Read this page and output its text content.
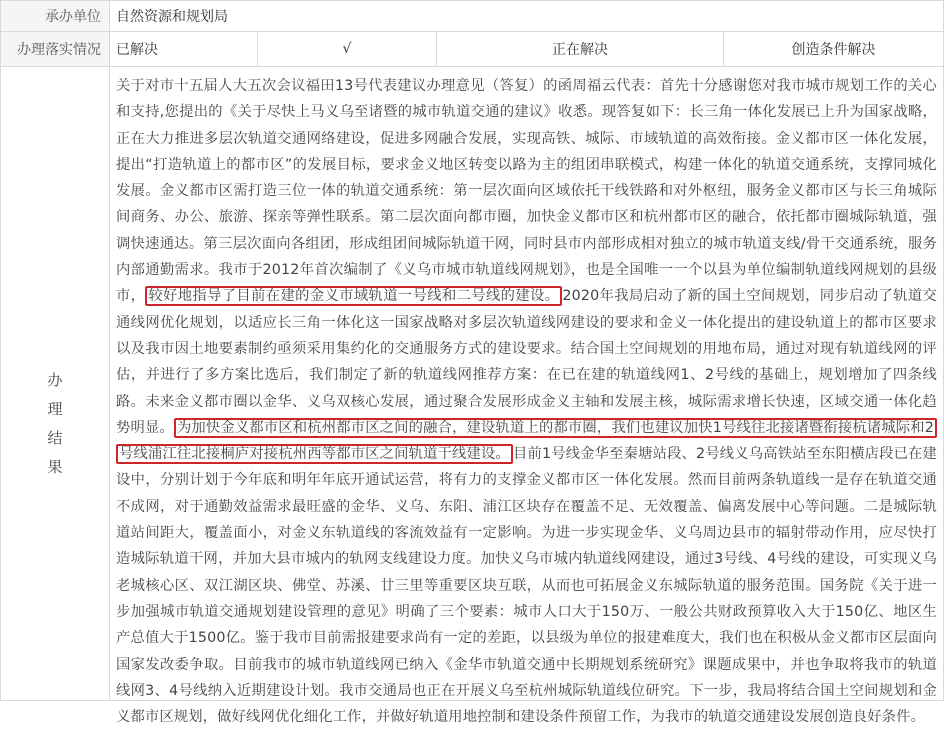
承办单位	自然资源和规划局			
办理落实情况	已解决	√	正在解决	创造条件解决
办理结果	关于对市十五届人大五次会议福田13号代表建议办理意见（答复）的函周福云代表：首先十分感谢您对我市城市规划工作的关心和支持,您提出的《关于尽快上马义乌至诸暨的城市轨道交通的建议》收悉。现答复如下：长三角一体化发展已上升为国家战略，正在大力推进多层次轨道交通网络建设，促进多网融合发展，实现高铁、城际、市域轨道的高效衔接。金义都市区一体化发展，提出“打造轨道上的都市区”的发展目标，要求金义地区转变以路为主的组团串联模式，构建一体化的轨道交通系统，支撑同城化发展。金义都市区需打造三位一体的轨道交通系统：第一层次面向区域依托干线铁路和对外枢纽，服务金义都市区与长三角城际间商务、办公、旅游、探亲等弹性联系。第二层次面向都市圈，加快金义都市区和杭州都市区的融合，依托都市圈城际轨道，强调快速通达。第三层次面向各组团，形成组团间城际轨道干网，同时县市内部形成相对独立的城市轨道支线/骨干交通系统，服务内部通勤需求。我市于2012年首次编制了《义乌市城市轨道线网规划》，也是全国唯一一个以县为单位编制轨道线网规划的县级市， 较好地指导了目前在建的金义市域轨道一号线和二号线的建设。 2020年我局启动了新的国土空间规划，同步启动了轨道交通线网优化规划，以适应长三角一体化这一国家战略对多层次轨道线网建设的要求和金义一体化提出的建设轨道上的都市区要求以及我市因土地要素制约亟须采用集约化的交通服务方式的建设要求。结合国土空间规划的用地布局，通过对现有轨道线网的评估，并进行了多方案比选后，我们制定了新的轨道线网推荐方案：在已在建的轨道线网1、2号线的基础上，规划增加了四条线路。未来金义都市圈以金华、义乌双核心发展，通过聚合发展形成金义主轴和发展主核，城际需求增长快速，区域交通一体化趋势明显。 为加快金义都市区和杭州都市区之间的融合，建设轨道上的都市圈，我们也建议加快1号线往北接诸暨衔接杭诸城际和2号线浦江往北接桐庐对接杭州西等都市区之间轨道干线建设。 目前1号线金华至秦塘站段、2号线义乌高铁站至东阳横店段已在建设中，分别计划于今年底和明年年底开通试运营，将有力的支撑金义都市区一体化发展。然而目前两条轨道线一是存在轨道交通不成网，对于通勤效益需求最旺盛的金华、义乌、东阳、浦江区块存在覆盖不足、无效覆盖、偏离发展中心等问题。二是城际轨道站间距大，覆盖面小，对金义东轨道线的客流效益有一定影响。为进一步实现金华、义乌周边县市的辐射带动作用，应尽快打造城际轨道干网，并加大县市城内的轨网支线建设力度。加快义乌市城内轨道线网建设，通过3号线、4号线的建设，可实现义乌老城核心区、双江湖区块、佛堂、苏溪、廿三里等重要区块互联，从而也可拓展金义东城际轨道的服务范围。国务院《关于进一步加强城市轨道交通规划建设管理的意见》明确了三个要素：城市人口大于150万、一般公共财政预算收入大于150亿、地区生产总值大于1500亿。鉴于我市目前需报建要求尚有一定的差距，以县级为单位的报建难度大，我们也在积极从金义都市区层面向国家发改委争取。目前我市的城市轨道线网已纳入《金华市轨道交通中长期规划系统研究》课题成果中，并也争取将我市的轨道线网3、4号线纳入近期建设计划。我市交通局也正在开展义乌至杭州城际轨道线位研究。下一步，我局将结合国土空间规划和金义都市区规划，做好线网优化细化工作，并做好轨道用地控制和建设条件预留工作，为我市的轨道交通建设发展创造良好条件。			
